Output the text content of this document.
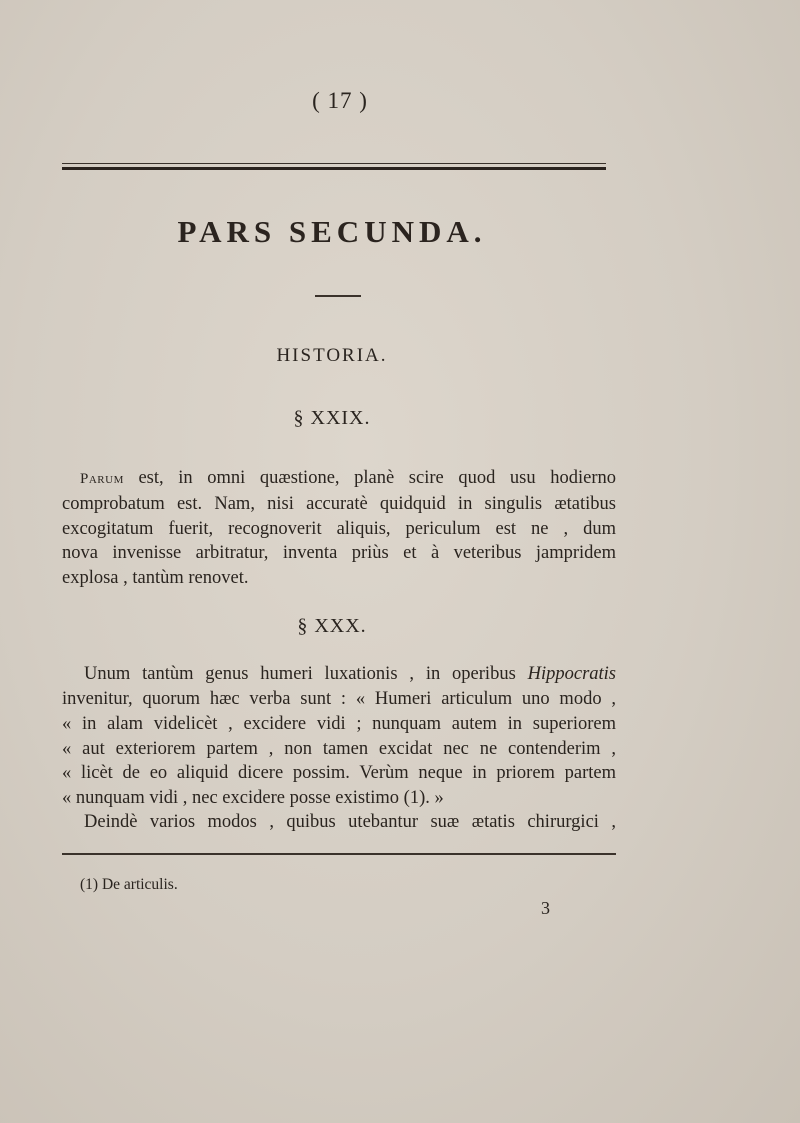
( 17 )
PARS SECUNDA.
HISTORIA.
§ XXIX.
Parum est, in omni quæstione, planè scire quod usu hodierno
comprobatum est. Nam, nisi accuratè quidquid in singulis ætatibus
excogitatum fuerit, recognoverit aliquis, periculum est ne , dum
nova invenisse arbitratur, inventa priùs et à veteribus jampridem
explosa , tantùm renovet.
§ XXX.
Unum tantùm genus humeri luxationis , in operibus Hippocratis
invenitur, quorum hæc verba sunt : « Humeri articulum uno modo ,
« in alam videlicèt , excidere vidi ; nunquam autem in superiorem
« aut exteriorem partem , non tamen excidat nec ne contenderim ,
« licèt de eo aliquid dicere possim. Verùm neque in priorem partem
« nunquam vidi , nec excidere posse existimo (1). »
Deindè varios modos , quibus utebantur suæ ætatis chirurgici ,
(1) De articulis.
3
